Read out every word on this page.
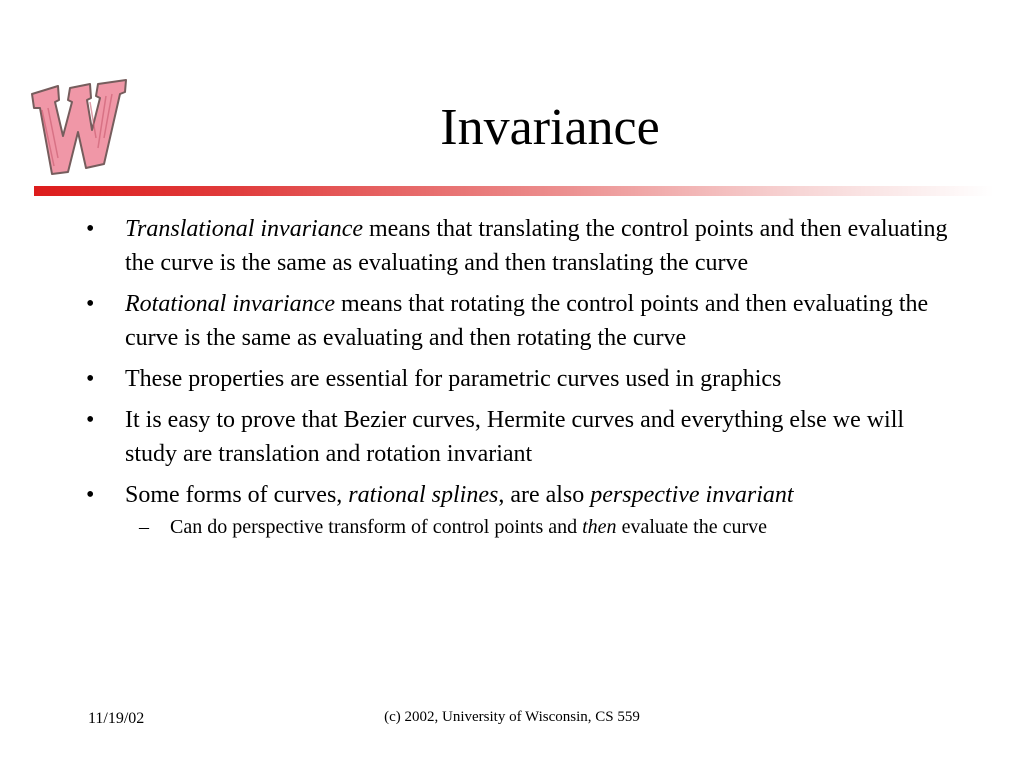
Invariance
• Translational invariance means that translating the control points and then evaluating the curve is the same as evaluating and then translating the curve
• Rotational invariance means that rotating the control points and then evaluating the curve is the same as evaluating and then rotating the curve
• These properties are essential for parametric curves used in graphics
• It is easy to prove that Bezier curves, Hermite curves and everything else we will study are translation and rotation invariant
• Some forms of curves, rational splines, are also perspective invariant
– Can do perspective transform of control points and then evaluate the curve
11/19/02	(c) 2002, University of Wisconsin, CS 559
